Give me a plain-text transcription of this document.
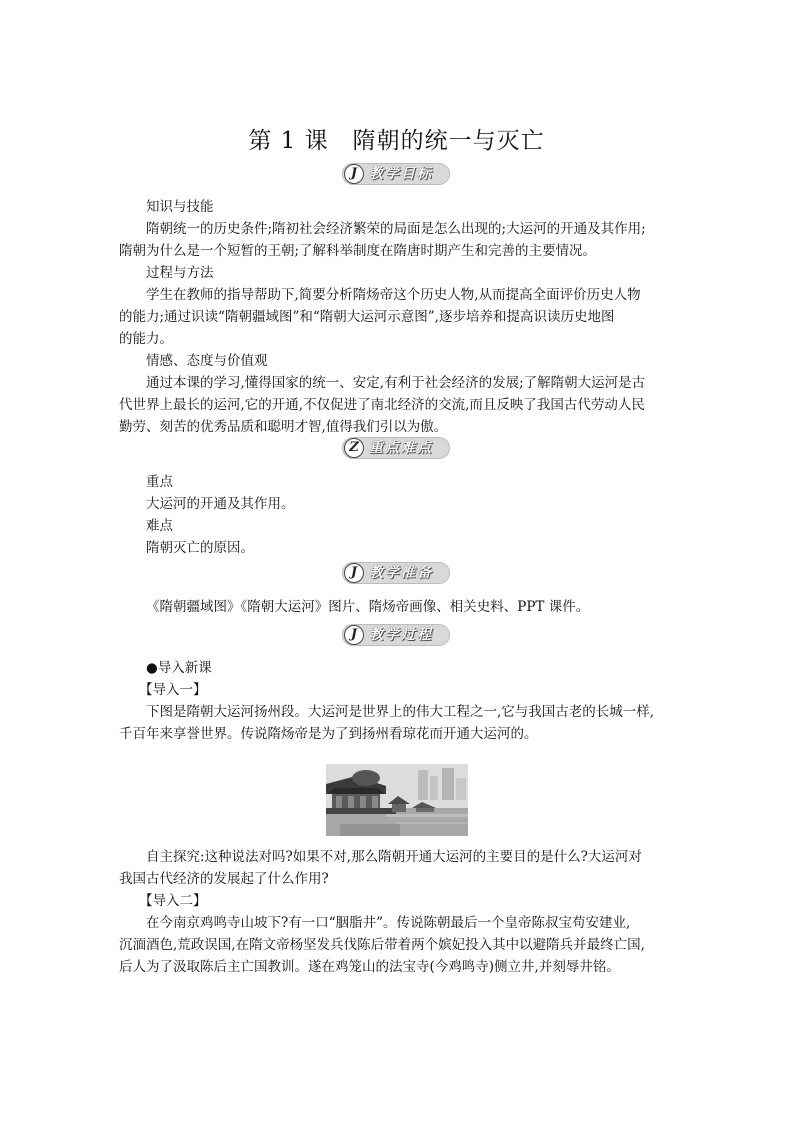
第 1 课　隋朝的统一与灭亡
J 教学目标
知识与技能
隋朝统一的历史条件;隋初社会经济繁荣的局面是怎么出现的;大运河的开通及其作用;
隋朝为什么是一个短暂的王朝;了解科举制度在隋唐时期产生和完善的主要情况。
过程与方法
学生在教师的指导帮助下,简要分析隋炀帝这个历史人物,从而提高全面评价历史人物
的能力;通过识读“隋朝疆域图”和“隋朝大运河示意图”,逐步培养和提高识读历史地图
的能力。
情感、态度与价值观
通过本课的学习,懂得国家的统一、安定,有利于社会经济的发展;了解隋朝大运河是古
代世界上最长的运河,它的开通,不仅促进了南北经济的交流,而且反映了我国古代劳动人民
勤劳、刻苦的优秀品质和聪明才智,值得我们引以为傲。
Z 重点难点
重点
大运河的开通及其作用。
难点
隋朝灭亡的原因。
J 教学准备
《隋朝疆域图》《隋朝大运河》图片、隋炀帝画像、相关史料、PPT 课件。
J 教学过程
●导入新课
【导入一】
下图是隋朝大运河扬州段。大运河是世界上的伟大工程之一,它与我国古老的长城一样,
千百年来享誉世界。传说隋炀帝是为了到扬州看琼花而开通大运河的。
自主探究:这种说法对吗?如果不对,那么隋朝开通大运河的主要目的是什么?大运河对
我国古代经济的发展起了什么作用?
【导入二】
在今南京鸡鸣寺山坡下?有一口“胭脂井”。传说陈朝最后一个皇帝陈叔宝苟安建业,
沉湎酒色,荒政误国,在隋文帝杨坚发兵伐陈后带着两个嫔妃投入其中以避隋兵并最终亡国,
后人为了汲取陈后主亡国教训。遂在鸡笼山的法宝寺(今鸡鸣寺)侧立井,并刻辱井铭。
